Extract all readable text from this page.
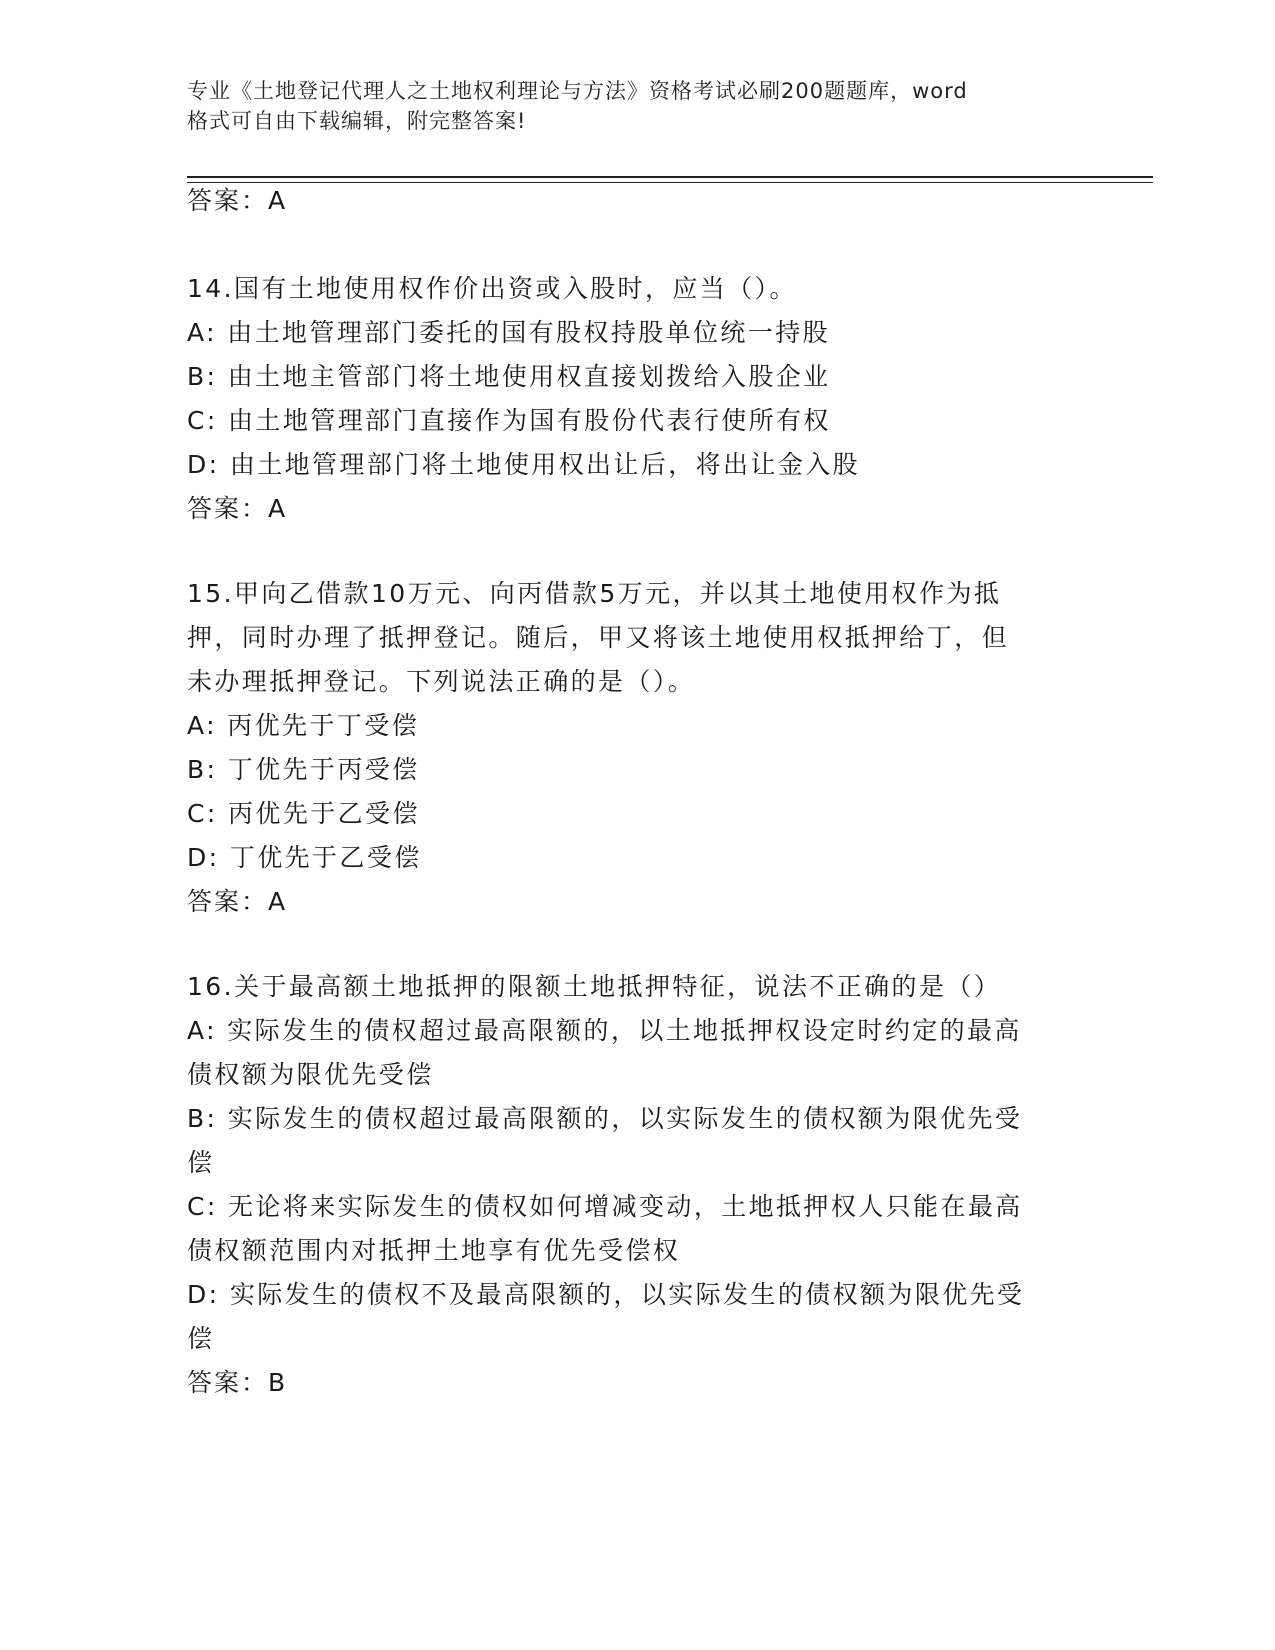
专业《土地登记代理人之土地权利理论与方法》资格考试必刷200题题库，word
格式可自由下载编辑，附完整答案!
答案：A
14.国有土地使用权作价出资或入股时，应当（）。
A: 由土地管理部门委托的国有股权持股单位统一持股
B: 由土地主管部门将土地使用权直接划拨给入股企业
C: 由土地管理部门直接作为国有股份代表行使所有权
D: 由土地管理部门将土地使用权出让后，将出让金入股
答案：A
15.甲向乙借款10万元、向丙借款5万元，并以其土地使用权作为抵
押，同时办理了抵押登记。随后，甲又将该土地使用权抵押给丁，但
未办理抵押登记。下列说法正确的是（）。
A: 丙优先于丁受偿
B: 丁优先于丙受偿
C: 丙优先于乙受偿
D: 丁优先于乙受偿
答案：A
16.关于最高额土地抵押的限额土地抵押特征，说法不正确的是（）
A: 实际发生的债权超过最高限额的，以土地抵押权设定时约定的最高
债权额为限优先受偿
B: 实际发生的债权超过最高限额的，以实际发生的债权额为限优先受
偿
C: 无论将来实际发生的债权如何增减变动，土地抵押权人只能在最高
债权额范围内对抵押土地享有优先受偿权
D: 实际发生的债权不及最高限额的，以实际发生的债权额为限优先受
偿
答案：B
